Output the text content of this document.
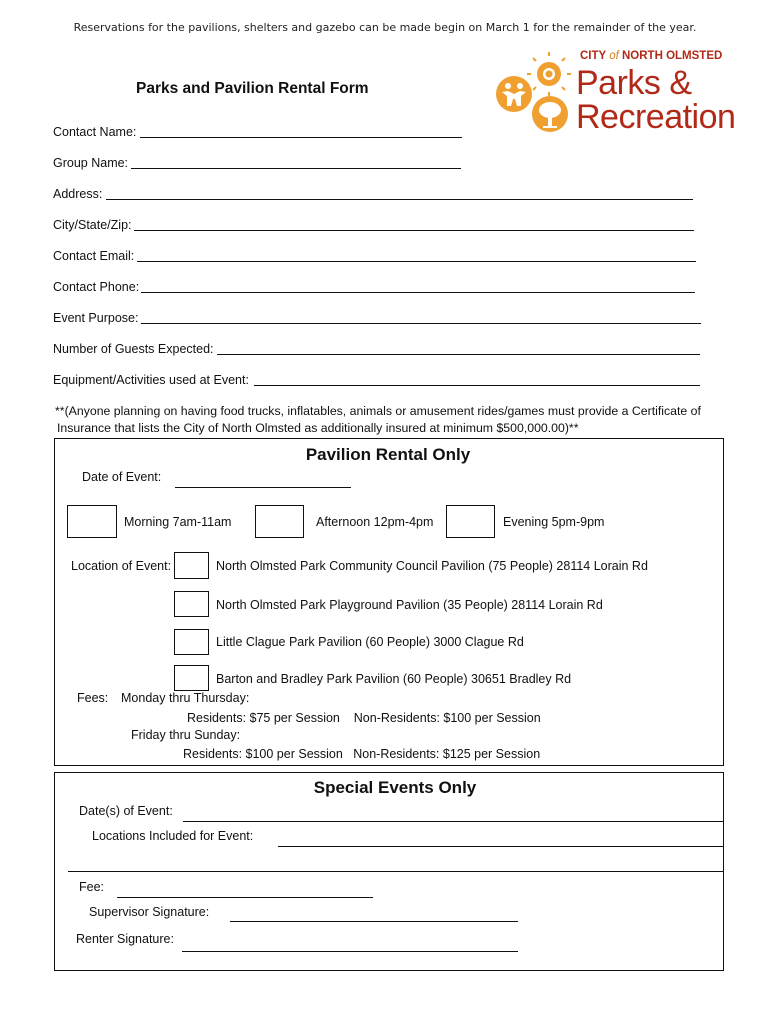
Reservations for the pavilions, shelters and gazebo can be made begin on March 1 for the remainder of the year.
Parks and Pavilion Rental Form
CITY of NORTH OLMSTED
Parks &
Recreation
Contact Name:
Group Name:
Address:
City/State/Zip:
Contact Email:
Contact Phone:
Event Purpose:
Number of Guests Expected:
Equipment/Activities used at Event:
**(Anyone planning on having food trucks, inflatables, animals or amusement rides/games must provide a Certificate of
Insurance that lists the City of North Olmsted as additionally insured at minimum $500,000.00)**
Pavilion Rental Only
Date of Event:
Morning 7am-11am	Afternoon 12pm-4pm	Evening 5pm-9pm
Location of Event:	North Olmsted Park Community Council Pavilion (75 People) 28114 Lorain Rd
North Olmsted Park Playground Pavilion (35 People) 28114 Lorain Rd
Little Clague Park Pavilion (60 People) 3000 Clague Rd
Barton and Bradley Park Pavilion (60 People) 30651 Bradley Rd
Fees: Monday thru Thursday:
Residents: $75 per Session    Non-Residents: $100 per Session
Friday thru Sunday:
Residents: $100 per Session   Non-Residents: $125 per Session
Special Events Only
Date(s) of Event:
Locations Included for Event:
Fee:
Supervisor Signature:
Renter Signature:
